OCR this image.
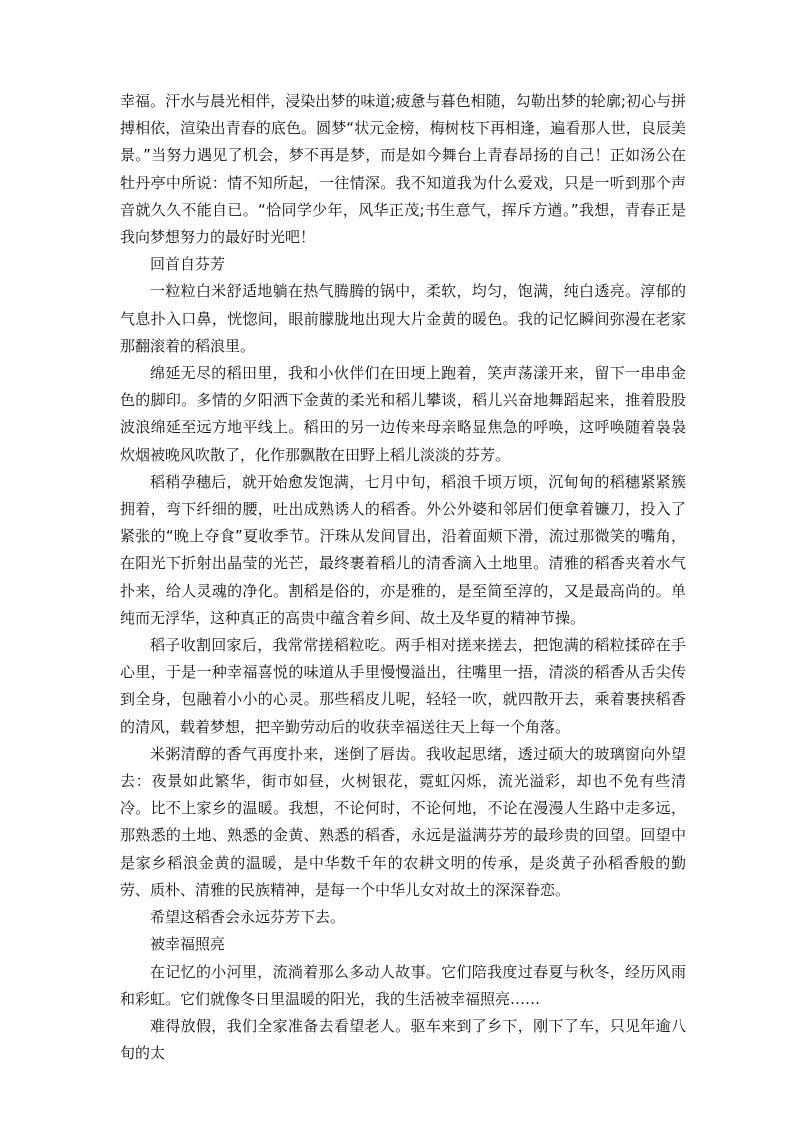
幸福。汗水与晨光相伴，浸染出梦的味道;疲惫与暮色相随，勾勒出梦的轮廓;初心与拼搏相依，渲染出青春的底色。圆梦“状元金榜，梅树枝下再相逢，遍看那人世，良辰美景。”当努力遇见了机会，梦不再是梦，而是如今舞台上青春昂扬的自己！正如汤公在牡丹亭中所说：情不知所起，一往情深。我不知道我为什么爱戏，只是一听到那个声音就久久不能自已。“恰同学少年，风华正茂;书生意气，挥斥方遒。”我想，青春正是我向梦想努力的最好时光吧！

回首自芬芳

一粒粒白米舒适地躺在热气腾腾的锅中，柔软，均匀，饱满，纯白透亮。淳郁的气息扑入口鼻，恍惚间，眼前朦胧地出现大片金黄的暖色。我的记忆瞬间弥漫在老家那翻滚着的稻浪里。

绵延无尽的稻田里，我和小伙伴们在田埂上跑着，笑声荡漾开来，留下一串串金色的脚印。多情的夕阳洒下金黄的柔光和稻儿攀谈，稻儿兴奋地舞蹈起来，推着股股波浪绵延至远方地平线上。稻田的另一边传来母亲略显焦急的呼唤，这呼唤随着袅袅炊烟被晚风吹散了，化作那飘散在田野上稻儿淡淡的芬芳。

稻稍孕穗后，就开始愈发饱满，七月中旬，稻浪千顷万顷，沉甸甸的稻穗紧紧簇拥着，弯下纤细的腰，吐出成熟诱人的稻香。外公外婆和邻居们便拿着镰刀，投入了紧张的“晚上夺食”夏收季节。汗珠从发间冒出，沿着面颊下滑，流过那微笑的嘴角，在阳光下折射出晶莹的光芒，最终裹着稻儿的清香滴入土地里。清雅的稻香夹着水气扑来，给人灵魂的净化。割稻是俗的，亦是雅的，是至简至淳的，又是最高尚的。单纯而无浮华，这种真正的高贵中蕴含着乡间、故土及华夏的精神节操。

稻子收割回家后，我常常搓稻粒吃。两手相对搓来搓去，把饱满的稻粒揉碎在手心里，于是一种幸福喜悦的味道从手里慢慢溢出，往嘴里一捂，清淡的稻香从舌尖传到全身，包融着小小的心灵。那些稻皮儿呢，轻轻一吹，就四散开去，乘着裹挟稻香的清风，载着梦想，把辛勤劳动后的收获幸福送往天上每一个角落。

米粥清醇的香气再度扑来，迷倒了唇齿。我收起思绪，透过硕大的玻璃窗向外望去：夜景如此繁华，街市如昼，火树银花，霓虹闪烁，流光溢彩，却也不免有些清冷。比不上家乡的温暖。我想，不论何时，不论何地，不论在漫漫人生路中走多远，那熟悉的土地、熟悉的金黄、熟悉的稻香，永远是溢满芬芳的最珍贵的回望。回望中是家乡稻浪金黄的温暖，是中华数千年的农耕文明的传承，是炎黄子孙稻香般的勤劳、质朴、清雅的民族精神，是每一个中华儿女对故土的深深眷恋。

希望这稻香会永远芬芳下去。

被幸福照亮

在记忆的小河里，流淌着那么多动人故事。它们陪我度过春夏与秋冬，经历风雨和彩虹。它们就像冬日里温暖的阳光，我的生活被幸福照亮……

难得放假，我们全家准备去看望老人。驱车来到了乡下，刚下了车，只见年逾八旬的太
